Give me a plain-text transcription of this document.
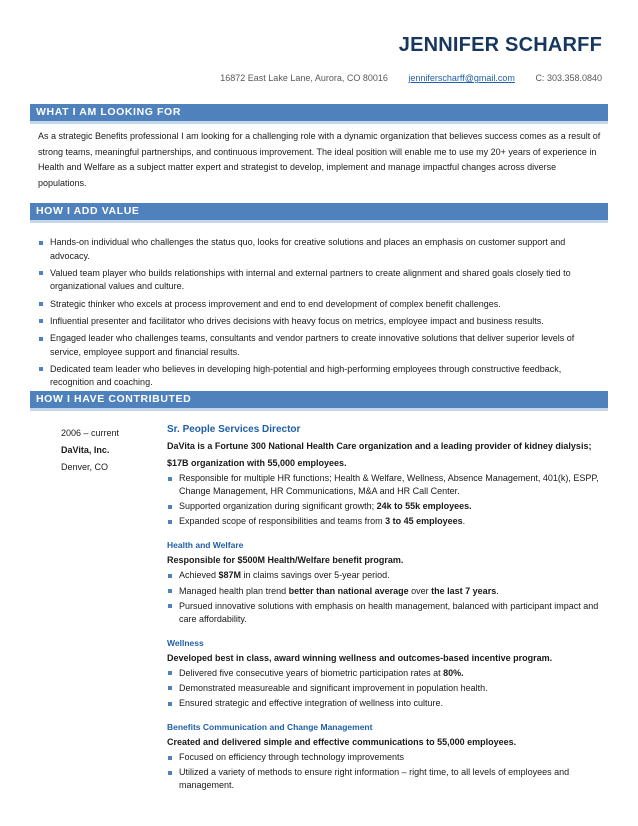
JENNIFER SCHARFF
16872 East Lake Lane, Aurora, CO 80016 jenniferscharff@gmail.com C: 303.358.0840
WHAT I AM LOOKING FOR
As a strategic Benefits professional I am looking for a challenging role with a dynamic organization that believes success comes as a result of strong teams, meaningful partnerships, and continuous improvement. The ideal position will enable me to use my 20+ years of experience in Health and Welfare as a subject matter expert and strategist to develop, implement and manage impactful changes across diverse populations.
HOW I ADD VALUE
Hands-on individual who challenges the status quo, looks for creative solutions and places an emphasis on customer support and advocacy.
Valued team player who builds relationships with internal and external partners to create alignment and shared goals closely tied to organizational values and culture.
Strategic thinker who excels at process improvement and end to end development of complex benefit challenges.
Influential presenter and facilitator who drives decisions with heavy focus on metrics, employee impact and business results.
Engaged leader who challenges teams, consultants and vendor partners to create innovative solutions that deliver superior levels of service, employee support and financial results.
Dedicated team leader who believes in developing high-potential and high-performing employees through constructive feedback, recognition and coaching.
HOW I HAVE CONTRIBUTED
2006 – current
DaVita, Inc.
Denver, CO
Sr. People Services Director
DaVita is a Fortune 300 National Health Care organization and a leading provider of kidney dialysis; $17B organization with 55,000 employees.
Responsible for multiple HR functions; Health & Welfare, Wellness, Absence Management, 401(k), ESPP, Change Management, HR Communications, M&A and HR Call Center.
Supported organization during significant growth; 24k to 55k employees.
Expanded scope of responsibilities and teams from 3 to 45 employees.
Health and Welfare
Responsible for $500M Health/Welfare benefit program.
Achieved $87M in claims savings over 5-year period.
Managed health plan trend better than national average over the last 7 years.
Pursued innovative solutions with emphasis on health management, balanced with participant impact and care affordability.
Wellness
Developed best in class, award winning wellness and outcomes-based incentive program.
Delivered five consecutive years of biometric participation rates at 80%.
Demonstrated measureable and significant improvement in population health.
Ensured strategic and effective integration of wellness into culture.
Benefits Communication and Change Management
Created and delivered simple and effective communications to 55,000 employees.
Focused on efficiency through technology improvements
Utilized a variety of methods to ensure right information – right time, to all levels of employees and management.
